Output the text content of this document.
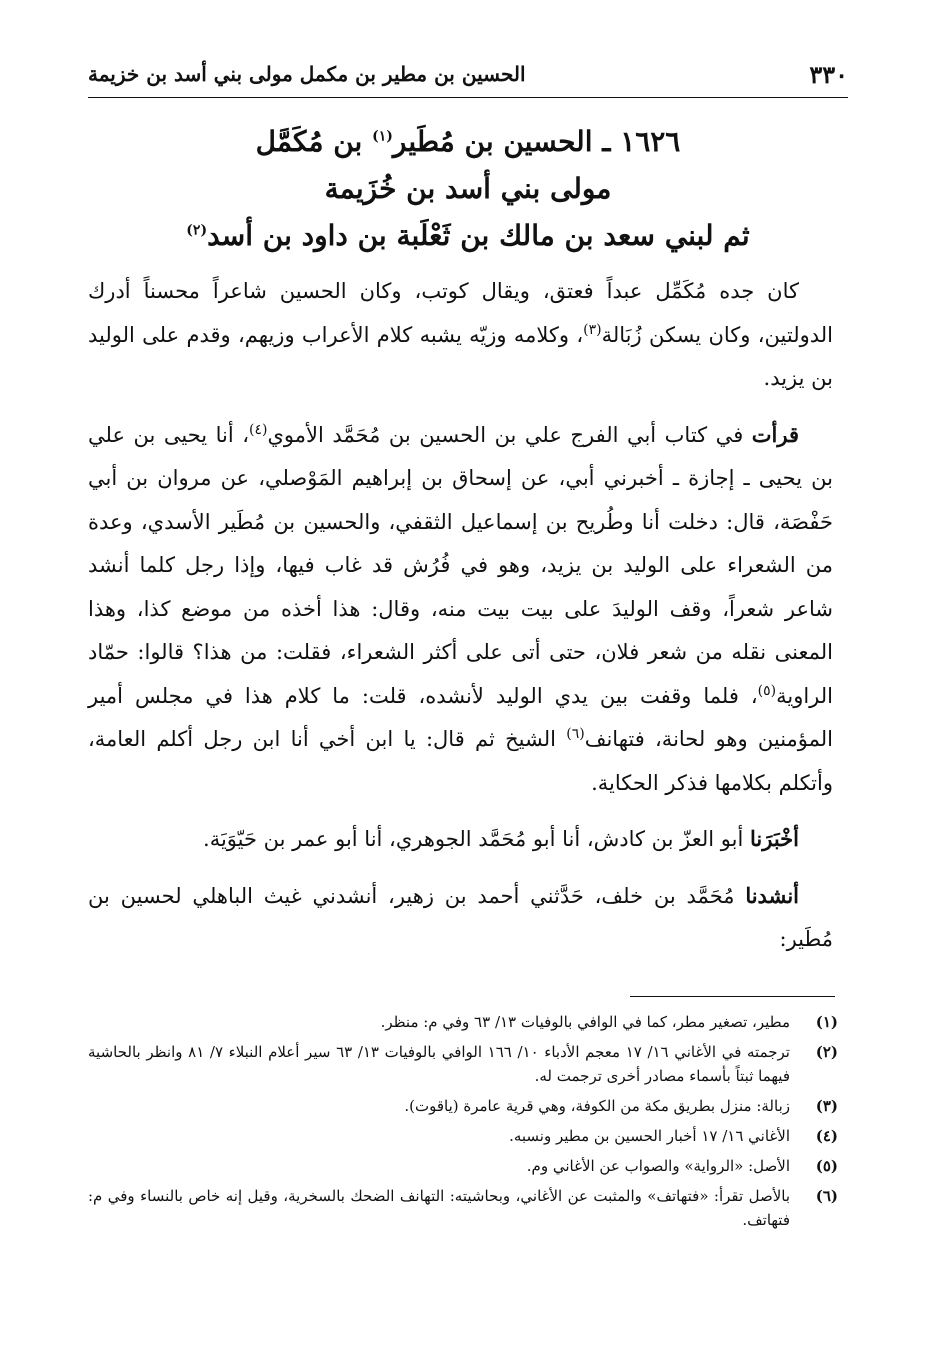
٣٣٠
الحسين بن مطير بن مكمل مولى بني أسد بن خزيمة
١٦٢٦ ـ الحسين بن مُطَير$^{(١)}$ بن مُكَمَّل
مولى بني أسد بن خُزَيمة
ثم لبني سعد بن مالك بن ثَعْلَبة بن داود بن أسد$^{(٢)}$

كان جده مُكَمِّل عبداً فعتق، ويقال كوتب، وكان الحسين شاعراً محسناً أدرك الدولتين، وكان يسكن زُبَالة$^{(٣)}$، وكلامه وزيّه يشبه كلام الأعراب وزيهم، وقدم على الوليد بن يزيد.

قرأت في كتاب أبي الفرج علي بن الحسين بن مُحَمَّد الأموي$^{(٤)}$، أنا يحيى بن علي بن يحيى ـ إجازة ـ أخبرني أبي، عن إسحاق بن إبراهيم المَوْصلي، عن مروان بن أبي حَفْصَة، قال: دخلت أنا وطُريح بن إسماعيل الثقفي، والحسين بن مُطَير الأسدي، وعدة من الشعراء على الوليد بن يزيد، وهو في فُرُش قد غاب فيها، وإذا رجل كلما أنشد شاعر شعراً، وقف الوليدَ على بيت بيت منه، وقال: هذا أخذه من موضع كذا، وهذا المعنى نقله من شعر فلان، حتى أتى على أكثر الشعراء، فقلت: من هذا؟ قالوا: حمّاد الراوية$^{(٥)}$، فلما وقفت بين يدي الوليد لأنشده، قلت: ما كلام هذا في مجلس أمير المؤمنين وهو لحانة، فتهانف$^{(٦)}$ الشيخ ثم قال: يا ابن أخي أنا ابن رجل أكلم العامة، وأتكلم بكلامها فذكر الحكاية.

أخْبَرَنا أبو العزّ بن كادش، أنا أبو مُحَمَّد الجوهري، أنا أبو عمر بن حَيّوَيَة.

أنشدنا مُحَمَّد بن خلف، حَدَّثني أحمد بن زهير، أنشدني غيث الباهلي لحسين بن مُطَير:

(١)
مطير، تصغير مطر، كما في الوافي بالوفيات ١٣/ ٦٣ وفي م: منظر.
(٢)
ترجمته في الأغاني ١٦/ ١٧ معجم الأدباء ١٠/ ١٦٦ الوافي بالوفيات ١٣/ ٦٣ سير أعلام النبلاء ٧/ ٨١ وانظر بالحاشية فيهما ثبتاً بأسماء مصادر أخرى ترجمت له.
(٣)
زبالة: منزل بطريق مكة من الكوفة، وهي قرية عامرة (ياقوت).
(٤)
الأغاني ١٦/ ١٧ أخبار الحسين بن مطير ونسبه.
(٥)
الأصل: «الرواية» والصواب عن الأغاني وم.
(٦)
بالأصل تقرأ: «فتهاتف» والمثبت عن الأغاني، وبحاشيته: التهانف الضحك بالسخرية، وقيل إنه خاص بالنساء وفي م: فتهاتف.
